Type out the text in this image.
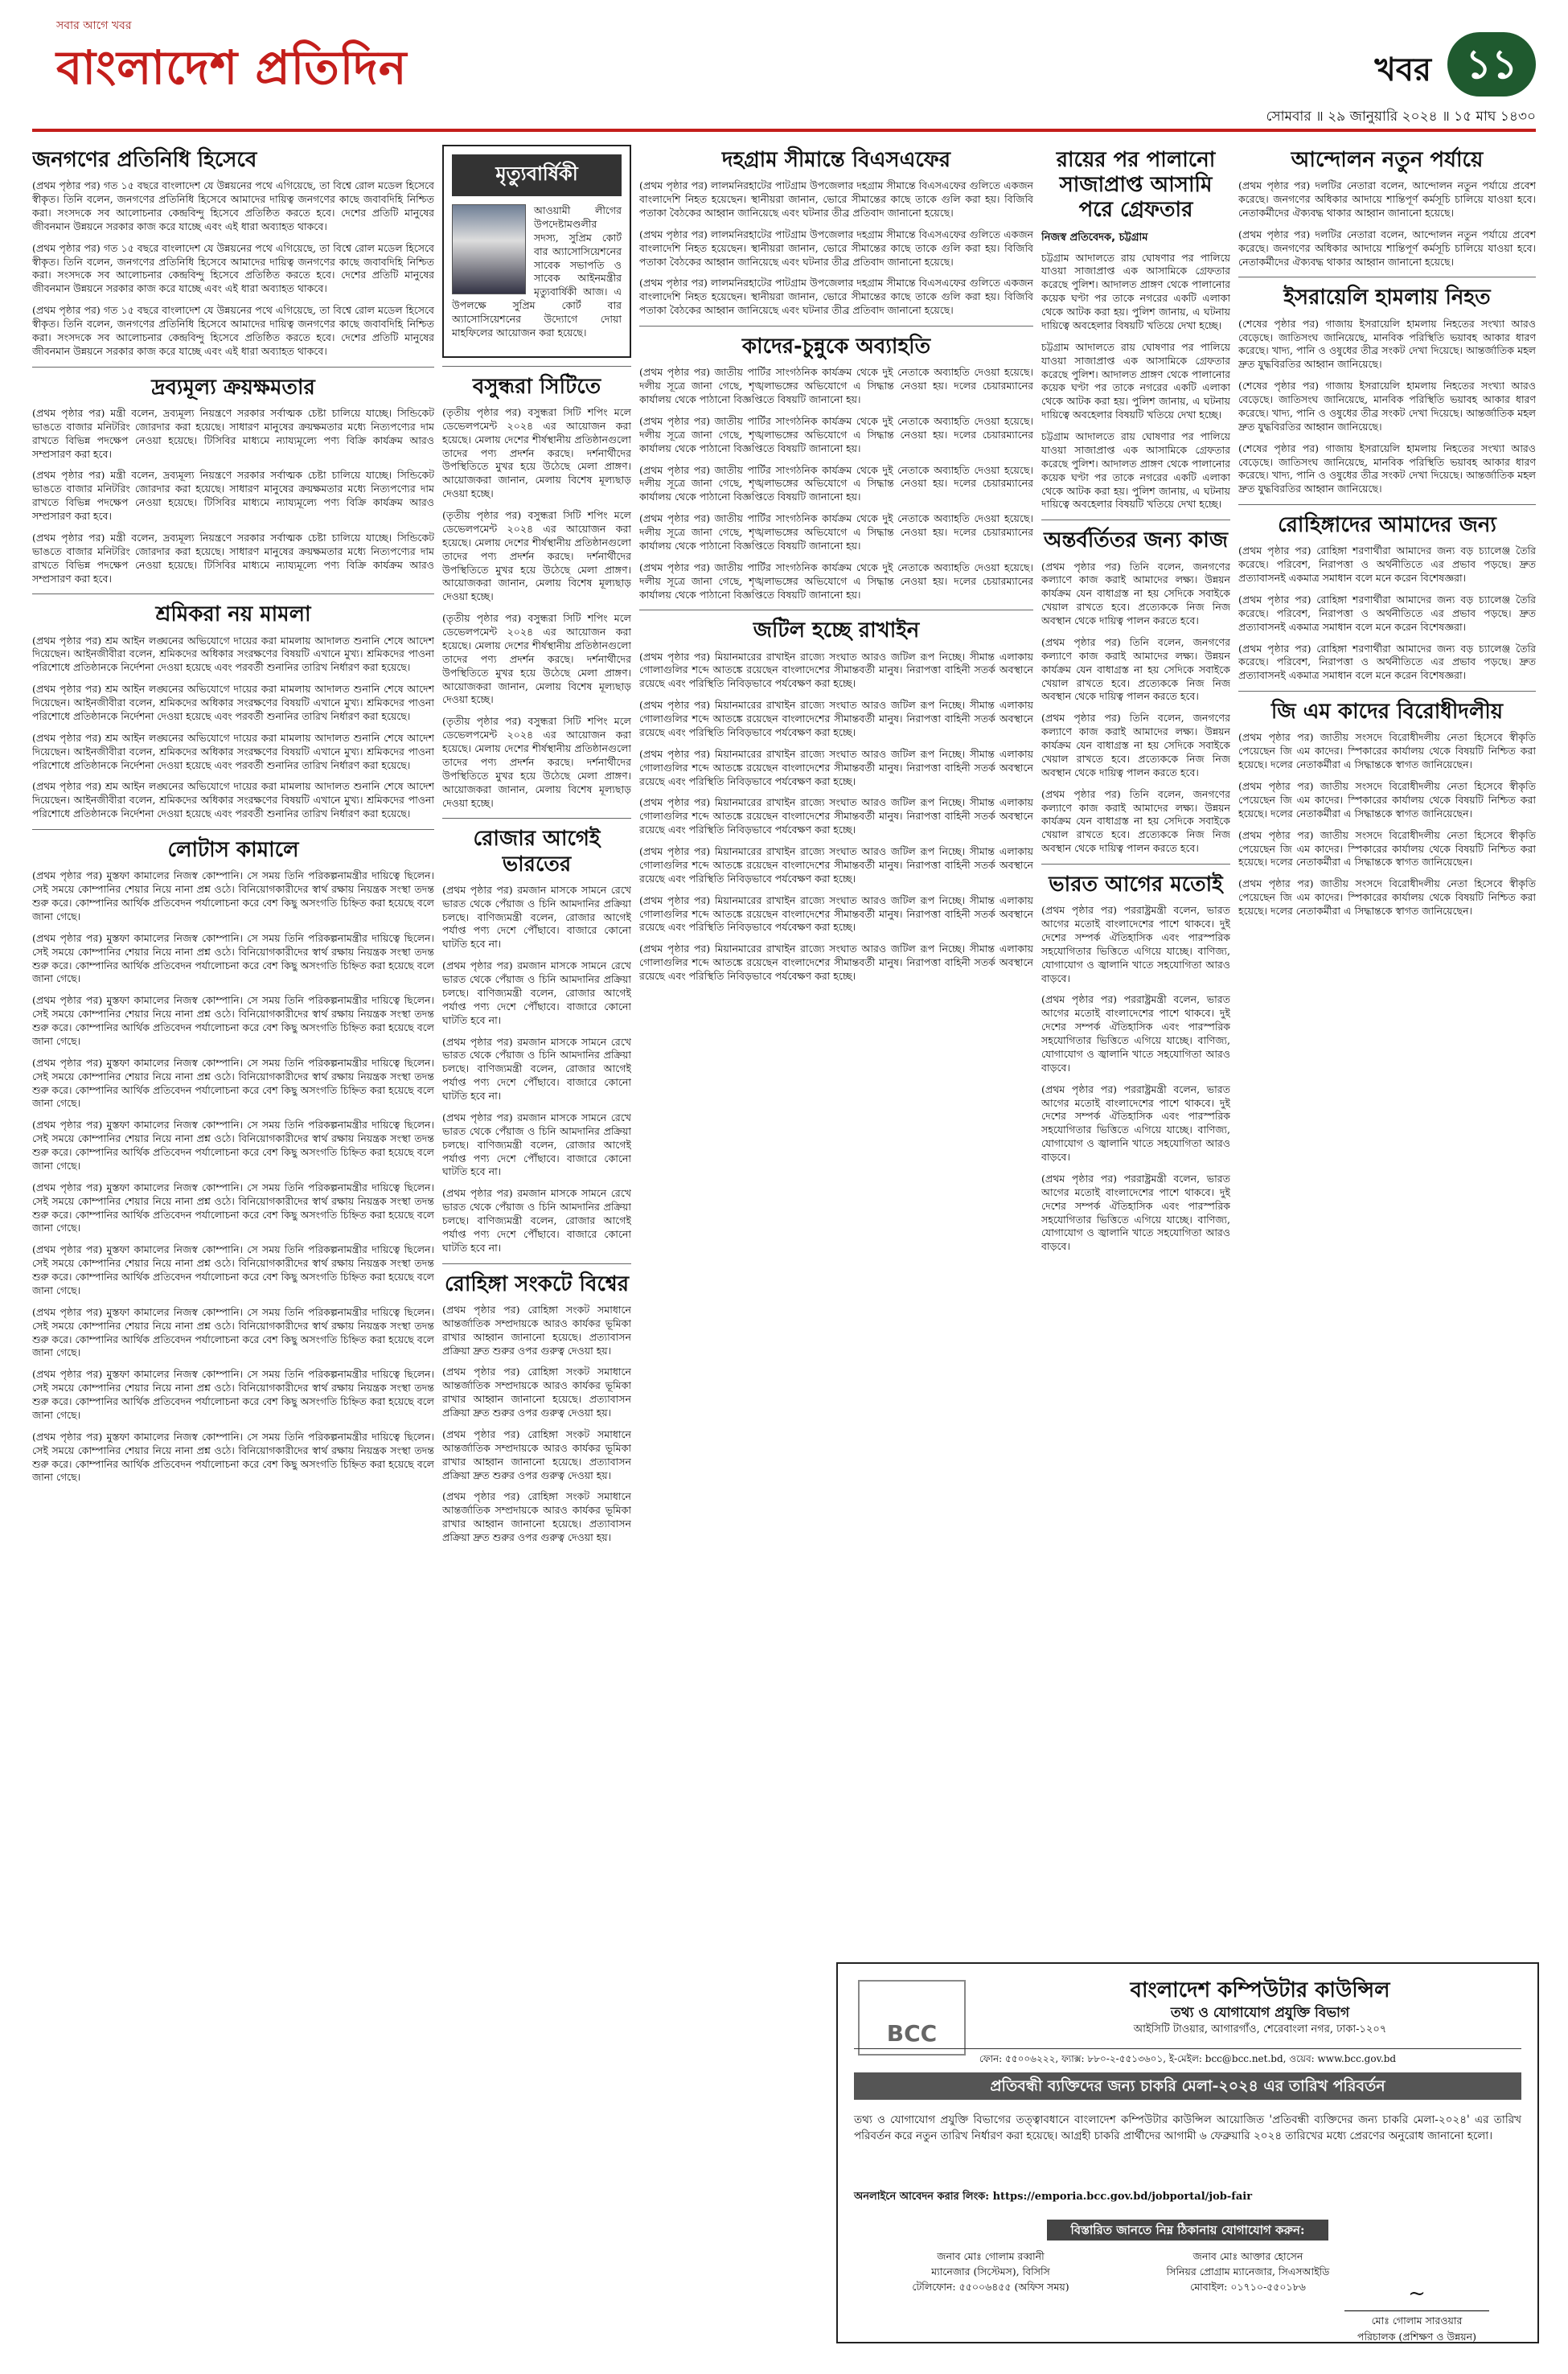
সবার আগে খবর
বাংলাদেশ প্রতিদিন	খবর ১১
সোমবার ॥ ২৯ জানুয়ারি ২০২৪ ॥ ১৫ মাঘ ১৪৩০
জনগণের প্রতিনিধি হিসেবে

(প্রথম পৃষ্ঠার পর) গত ১৫ বছরে বাংলাদেশ যে উন্নয়নের পথে এগিয়েছে, তা বিশ্বে রোল মডেল হিসেবে স্বীকৃত। তিনি বলেন, জনগণের প্রতিনিধি হিসেবে আমাদের দায়িত্ব জনগণের কাছে জবাবদিহি নিশ্চিত করা। সংসদকে সব আলোচনার কেন্দ্রবিন্দু হিসেবে প্রতিষ্ঠিত করতে হবে। দেশের প্রতিটি মানুষের জীবনমান উন্নয়নে সরকার কাজ করে যাচ্ছে এবং এই ধারা অব্যাহত থাকবে।

(প্রথম পৃষ্ঠার পর) গত ১৫ বছরে বাংলাদেশ যে উন্নয়নের পথে এগিয়েছে, তা বিশ্বে রোল মডেল হিসেবে স্বীকৃত। তিনি বলেন, জনগণের প্রতিনিধি হিসেবে আমাদের দায়িত্ব জনগণের কাছে জবাবদিহি নিশ্চিত করা। সংসদকে সব আলোচনার কেন্দ্রবিন্দু হিসেবে প্রতিষ্ঠিত করতে হবে। দেশের প্রতিটি মানুষের জীবনমান উন্নয়নে সরকার কাজ করে যাচ্ছে এবং এই ধারা অব্যাহত থাকবে।

(প্রথম পৃষ্ঠার পর) গত ১৫ বছরে বাংলাদেশ যে উন্নয়নের পথে এগিয়েছে, তা বিশ্বে রোল মডেল হিসেবে স্বীকৃত। তিনি বলেন, জনগণের প্রতিনিধি হিসেবে আমাদের দায়িত্ব জনগণের কাছে জবাবদিহি নিশ্চিত করা। সংসদকে সব আলোচনার কেন্দ্রবিন্দু হিসেবে প্রতিষ্ঠিত করতে হবে। দেশের প্রতিটি মানুষের জীবনমান উন্নয়নে সরকার কাজ করে যাচ্ছে এবং এই ধারা অব্যাহত থাকবে।

দ্রব্যমূল্য ক্রয়ক্ষমতার

(প্রথম পৃষ্ঠার পর) মন্ত্রী বলেন, দ্রব্যমূল্য নিয়ন্ত্রণে সরকার সর্বাত্মক চেষ্টা চালিয়ে যাচ্ছে। সিন্ডিকেট ভাঙতে বাজার মনিটরিং জোরদার করা হয়েছে। সাধারণ মানুষের ক্রয়ক্ষমতার মধ্যে নিত্যপণ্যের দাম রাখতে বিভিন্ন পদক্ষেপ নেওয়া হয়েছে। টিসিবির মাধ্যমে ন্যায্যমূল্যে পণ্য বিক্রি কার্যক্রম আরও সম্প্রসারণ করা হবে।

(প্রথম পৃষ্ঠার পর) মন্ত্রী বলেন, দ্রব্যমূল্য নিয়ন্ত্রণে সরকার সর্বাত্মক চেষ্টা চালিয়ে যাচ্ছে। সিন্ডিকেট ভাঙতে বাজার মনিটরিং জোরদার করা হয়েছে। সাধারণ মানুষের ক্রয়ক্ষমতার মধ্যে নিত্যপণ্যের দাম রাখতে বিভিন্ন পদক্ষেপ নেওয়া হয়েছে। টিসিবির মাধ্যমে ন্যায্যমূল্যে পণ্য বিক্রি কার্যক্রম আরও সম্প্রসারণ করা হবে।

(প্রথম পৃষ্ঠার পর) মন্ত্রী বলেন, দ্রব্যমূল্য নিয়ন্ত্রণে সরকার সর্বাত্মক চেষ্টা চালিয়ে যাচ্ছে। সিন্ডিকেট ভাঙতে বাজার মনিটরিং জোরদার করা হয়েছে। সাধারণ মানুষের ক্রয়ক্ষমতার মধ্যে নিত্যপণ্যের দাম রাখতে বিভিন্ন পদক্ষেপ নেওয়া হয়েছে। টিসিবির মাধ্যমে ন্যায্যমূল্যে পণ্য বিক্রি কার্যক্রম আরও সম্প্রসারণ করা হবে।

শ্রমিকরা নয় মামলা

(প্রথম পৃষ্ঠার পর) শ্রম আইন লঙ্ঘনের অভিযোগে দায়ের করা মামলায় আদালত শুনানি শেষে আদেশ দিয়েছেন। আইনজীবীরা বলেন, শ্রমিকদের অধিকার সংরক্ষণের বিষয়টি এখানে মুখ্য। শ্রমিকদের পাওনা পরিশোধে প্রতিষ্ঠানকে নির্দেশনা দেওয়া হয়েছে এবং পরবর্তী শুনানির তারিখ নির্ধারণ করা হয়েছে।

(প্রথম পৃষ্ঠার পর) শ্রম আইন লঙ্ঘনের অভিযোগে দায়ের করা মামলায় আদালত শুনানি শেষে আদেশ দিয়েছেন। আইনজীবীরা বলেন, শ্রমিকদের অধিকার সংরক্ষণের বিষয়টি এখানে মুখ্য। শ্রমিকদের পাওনা পরিশোধে প্রতিষ্ঠানকে নির্দেশনা দেওয়া হয়েছে এবং পরবর্তী শুনানির তারিখ নির্ধারণ করা হয়েছে।

(প্রথম পৃষ্ঠার পর) শ্রম আইন লঙ্ঘনের অভিযোগে দায়ের করা মামলায় আদালত শুনানি শেষে আদেশ দিয়েছেন। আইনজীবীরা বলেন, শ্রমিকদের অধিকার সংরক্ষণের বিষয়টি এখানে মুখ্য। শ্রমিকদের পাওনা পরিশোধে প্রতিষ্ঠানকে নির্দেশনা দেওয়া হয়েছে এবং পরবর্তী শুনানির তারিখ নির্ধারণ করা হয়েছে।

(প্রথম পৃষ্ঠার পর) শ্রম আইন লঙ্ঘনের অভিযোগে দায়ের করা মামলায় আদালত শুনানি শেষে আদেশ দিয়েছেন। আইনজীবীরা বলেন, শ্রমিকদের অধিকার সংরক্ষণের বিষয়টি এখানে মুখ্য। শ্রমিকদের পাওনা পরিশোধে প্রতিষ্ঠানকে নির্দেশনা দেওয়া হয়েছে এবং পরবর্তী শুনানির তারিখ নির্ধারণ করা হয়েছে।

লোটাস কামালে

(প্রথম পৃষ্ঠার পর) মুস্তফা কামালের নিজস্ব কোম্পানি। সে সময় তিনি পরিকল্পনামন্ত্রীর দায়িত্বে ছিলেন। সেই সময়ে কোম্পানির শেয়ার নিয়ে নানা প্রশ্ন ওঠে। বিনিয়োগকারীদের স্বার্থ রক্ষায় নিয়ন্ত্রক সংস্থা তদন্ত শুরু করে। কোম্পানির আর্থিক প্রতিবেদন পর্যালোচনা করে বেশ কিছু অসংগতি চিহ্নিত করা হয়েছে বলে জানা গেছে।

(প্রথম পৃষ্ঠার পর) মুস্তফা কামালের নিজস্ব কোম্পানি। সে সময় তিনি পরিকল্পনামন্ত্রীর দায়িত্বে ছিলেন। সেই সময়ে কোম্পানির শেয়ার নিয়ে নানা প্রশ্ন ওঠে। বিনিয়োগকারীদের স্বার্থ রক্ষায় নিয়ন্ত্রক সংস্থা তদন্ত শুরু করে। কোম্পানির আর্থিক প্রতিবেদন পর্যালোচনা করে বেশ কিছু অসংগতি চিহ্নিত করা হয়েছে বলে জানা গেছে।

(প্রথম পৃষ্ঠার পর) মুস্তফা কামালের নিজস্ব কোম্পানি। সে সময় তিনি পরিকল্পনামন্ত্রীর দায়িত্বে ছিলেন। সেই সময়ে কোম্পানির শেয়ার নিয়ে নানা প্রশ্ন ওঠে। বিনিয়োগকারীদের স্বার্থ রক্ষায় নিয়ন্ত্রক সংস্থা তদন্ত শুরু করে। কোম্পানির আর্থিক প্রতিবেদন পর্যালোচনা করে বেশ কিছু অসংগতি চিহ্নিত করা হয়েছে বলে জানা গেছে।

(প্রথম পৃষ্ঠার পর) মুস্তফা কামালের নিজস্ব কোম্পানি। সে সময় তিনি পরিকল্পনামন্ত্রীর দায়িত্বে ছিলেন। সেই সময়ে কোম্পানির শেয়ার নিয়ে নানা প্রশ্ন ওঠে। বিনিয়োগকারীদের স্বার্থ রক্ষায় নিয়ন্ত্রক সংস্থা তদন্ত শুরু করে। কোম্পানির আর্থিক প্রতিবেদন পর্যালোচনা করে বেশ কিছু অসংগতি চিহ্নিত করা হয়েছে বলে জানা গেছে।

(প্রথম পৃষ্ঠার পর) মুস্তফা কামালের নিজস্ব কোম্পানি। সে সময় তিনি পরিকল্পনামন্ত্রীর দায়িত্বে ছিলেন। সেই সময়ে কোম্পানির শেয়ার নিয়ে নানা প্রশ্ন ওঠে। বিনিয়োগকারীদের স্বার্থ রক্ষায় নিয়ন্ত্রক সংস্থা তদন্ত শুরু করে। কোম্পানির আর্থিক প্রতিবেদন পর্যালোচনা করে বেশ কিছু অসংগতি চিহ্নিত করা হয়েছে বলে জানা গেছে।

(প্রথম পৃষ্ঠার পর) মুস্তফা কামালের নিজস্ব কোম্পানি। সে সময় তিনি পরিকল্পনামন্ত্রীর দায়িত্বে ছিলেন। সেই সময়ে কোম্পানির শেয়ার নিয়ে নানা প্রশ্ন ওঠে। বিনিয়োগকারীদের স্বার্থ রক্ষায় নিয়ন্ত্রক সংস্থা তদন্ত শুরু করে। কোম্পানির আর্থিক প্রতিবেদন পর্যালোচনা করে বেশ কিছু অসংগতি চিহ্নিত করা হয়েছে বলে জানা গেছে।

(প্রথম পৃষ্ঠার পর) মুস্তফা কামালের নিজস্ব কোম্পানি। সে সময় তিনি পরিকল্পনামন্ত্রীর দায়িত্বে ছিলেন। সেই সময়ে কোম্পানির শেয়ার নিয়ে নানা প্রশ্ন ওঠে। বিনিয়োগকারীদের স্বার্থ রক্ষায় নিয়ন্ত্রক সংস্থা তদন্ত শুরু করে। কোম্পানির আর্থিক প্রতিবেদন পর্যালোচনা করে বেশ কিছু অসংগতি চিহ্নিত করা হয়েছে বলে জানা গেছে।

(প্রথম পৃষ্ঠার পর) মুস্তফা কামালের নিজস্ব কোম্পানি। সে সময় তিনি পরিকল্পনামন্ত্রীর দায়িত্বে ছিলেন। সেই সময়ে কোম্পানির শেয়ার নিয়ে নানা প্রশ্ন ওঠে। বিনিয়োগকারীদের স্বার্থ রক্ষায় নিয়ন্ত্রক সংস্থা তদন্ত শুরু করে। কোম্পানির আর্থিক প্রতিবেদন পর্যালোচনা করে বেশ কিছু অসংগতি চিহ্নিত করা হয়েছে বলে জানা গেছে।

(প্রথম পৃষ্ঠার পর) মুস্তফা কামালের নিজস্ব কোম্পানি। সে সময় তিনি পরিকল্পনামন্ত্রীর দায়িত্বে ছিলেন। সেই সময়ে কোম্পানির শেয়ার নিয়ে নানা প্রশ্ন ওঠে। বিনিয়োগকারীদের স্বার্থ রক্ষায় নিয়ন্ত্রক সংস্থা তদন্ত শুরু করে। কোম্পানির আর্থিক প্রতিবেদন পর্যালোচনা করে বেশ কিছু অসংগতি চিহ্নিত করা হয়েছে বলে জানা গেছে।

(প্রথম পৃষ্ঠার পর) মুস্তফা কামালের নিজস্ব কোম্পানি। সে সময় তিনি পরিকল্পনামন্ত্রীর দায়িত্বে ছিলেন। সেই সময়ে কোম্পানির শেয়ার নিয়ে নানা প্রশ্ন ওঠে। বিনিয়োগকারীদের স্বার্থ রক্ষায় নিয়ন্ত্রক সংস্থা তদন্ত শুরু করে। কোম্পানির আর্থিক প্রতিবেদন পর্যালোচনা করে বেশ কিছু অসংগতি চিহ্নিত করা হয়েছে বলে জানা গেছে।

মৃত্যুবার্ষিকী

আওয়ামী লীগের উপদেষ্টামণ্ডলীর সদস্য, সুপ্রিম কোর্ট বার অ্যাসোসিয়েশনের সাবেক সভাপতি ও সাবেক আইনমন্ত্রীর মৃত্যুবার্ষিকী আজ। এ উপলক্ষে সুপ্রিম কোর্ট বার অ্যাসোসিয়েশনের উদ্যোগে দোয়া মাহফিলের আয়োজন করা হয়েছে।

বসুন্ধরা সিটিতে

(তৃতীয় পৃষ্ঠার পর) বসুন্ধরা সিটি শপিং মলে ডেভেলপমেন্ট ২০২৪ এর আয়োজন করা হয়েছে। মেলায় দেশের শীর্ষস্থানীয় প্রতিষ্ঠানগুলো তাদের পণ্য প্রদর্শন করছে। দর্শনার্থীদের উপস্থিতিতে মুখর হয়ে উঠেছে মেলা প্রাঙ্গণ। আয়োজকরা জানান, মেলায় বিশেষ মূল্যছাড় দেওয়া হচ্ছে।

(তৃতীয় পৃষ্ঠার পর) বসুন্ধরা সিটি শপিং মলে ডেভেলপমেন্ট ২০২৪ এর আয়োজন করা হয়েছে। মেলায় দেশের শীর্ষস্থানীয় প্রতিষ্ঠানগুলো তাদের পণ্য প্রদর্শন করছে। দর্শনার্থীদের উপস্থিতিতে মুখর হয়ে উঠেছে মেলা প্রাঙ্গণ। আয়োজকরা জানান, মেলায় বিশেষ মূল্যছাড় দেওয়া হচ্ছে।

(তৃতীয় পৃষ্ঠার পর) বসুন্ধরা সিটি শপিং মলে ডেভেলপমেন্ট ২০২৪ এর আয়োজন করা হয়েছে। মেলায় দেশের শীর্ষস্থানীয় প্রতিষ্ঠানগুলো তাদের পণ্য প্রদর্শন করছে। দর্শনার্থীদের উপস্থিতিতে মুখর হয়ে উঠেছে মেলা প্রাঙ্গণ। আয়োজকরা জানান, মেলায় বিশেষ মূল্যছাড় দেওয়া হচ্ছে।

(তৃতীয় পৃষ্ঠার পর) বসুন্ধরা সিটি শপিং মলে ডেভেলপমেন্ট ২০২৪ এর আয়োজন করা হয়েছে। মেলায় দেশের শীর্ষস্থানীয় প্রতিষ্ঠানগুলো তাদের পণ্য প্রদর্শন করছে। দর্শনার্থীদের উপস্থিতিতে মুখর হয়ে উঠেছে মেলা প্রাঙ্গণ। আয়োজকরা জানান, মেলায় বিশেষ মূল্যছাড় দেওয়া হচ্ছে।

রোজার আগেই ভারতের

(প্রথম পৃষ্ঠার পর) রমজান মাসকে সামনে রেখে ভারত থেকে পেঁয়াজ ও চিনি আমদানির প্রক্রিয়া চলছে। বাণিজ্যমন্ত্রী বলেন, রোজার আগেই পর্যাপ্ত পণ্য দেশে পৌঁছাবে। বাজারে কোনো ঘাটতি হবে না।

(প্রথম পৃষ্ঠার পর) রমজান মাসকে সামনে রেখে ভারত থেকে পেঁয়াজ ও চিনি আমদানির প্রক্রিয়া চলছে। বাণিজ্যমন্ত্রী বলেন, রোজার আগেই পর্যাপ্ত পণ্য দেশে পৌঁছাবে। বাজারে কোনো ঘাটতি হবে না।

(প্রথম পৃষ্ঠার পর) রমজান মাসকে সামনে রেখে ভারত থেকে পেঁয়াজ ও চিনি আমদানির প্রক্রিয়া চলছে। বাণিজ্যমন্ত্রী বলেন, রোজার আগেই পর্যাপ্ত পণ্য দেশে পৌঁছাবে। বাজারে কোনো ঘাটতি হবে না।

(প্রথম পৃষ্ঠার পর) রমজান মাসকে সামনে রেখে ভারত থেকে পেঁয়াজ ও চিনি আমদানির প্রক্রিয়া চলছে। বাণিজ্যমন্ত্রী বলেন, রোজার আগেই পর্যাপ্ত পণ্য দেশে পৌঁছাবে। বাজারে কোনো ঘাটতি হবে না।

(প্রথম পৃষ্ঠার পর) রমজান মাসকে সামনে রেখে ভারত থেকে পেঁয়াজ ও চিনি আমদানির প্রক্রিয়া চলছে। বাণিজ্যমন্ত্রী বলেন, রোজার আগেই পর্যাপ্ত পণ্য দেশে পৌঁছাবে। বাজারে কোনো ঘাটতি হবে না।

রোহিঙ্গা সংকটে বিশ্বের

(প্রথম পৃষ্ঠার পর) রোহিঙ্গা সংকট সমাধানে আন্তর্জাতিক সম্প্রদায়কে আরও কার্যকর ভূমিকা রাখার আহ্বান জানানো হয়েছে। প্রত্যাবাসন প্রক্রিয়া দ্রুত শুরুর ওপর গুরুত্ব দেওয়া হয়।

(প্রথম পৃষ্ঠার পর) রোহিঙ্গা সংকট সমাধানে আন্তর্জাতিক সম্প্রদায়কে আরও কার্যকর ভূমিকা রাখার আহ্বান জানানো হয়েছে। প্রত্যাবাসন প্রক্রিয়া দ্রুত শুরুর ওপর গুরুত্ব দেওয়া হয়।

(প্রথম পৃষ্ঠার পর) রোহিঙ্গা সংকট সমাধানে আন্তর্জাতিক সম্প্রদায়কে আরও কার্যকর ভূমিকা রাখার আহ্বান জানানো হয়েছে। প্রত্যাবাসন প্রক্রিয়া দ্রুত শুরুর ওপর গুরুত্ব দেওয়া হয়।

(প্রথম পৃষ্ঠার পর) রোহিঙ্গা সংকট সমাধানে আন্তর্জাতিক সম্প্রদায়কে আরও কার্যকর ভূমিকা রাখার আহ্বান জানানো হয়েছে। প্রত্যাবাসন প্রক্রিয়া দ্রুত শুরুর ওপর গুরুত্ব দেওয়া হয়।

দহগ্রাম সীমান্তে বিএসএফের

(প্রথম পৃষ্ঠার পর) লালমনিরহাটের পাটগ্রাম উপজেলার দহগ্রাম সীমান্তে বিএসএফের গুলিতে একজন বাংলাদেশি নিহত হয়েছেন। স্থানীয়রা জানান, ভোরে সীমান্তের কাছে তাকে গুলি করা হয়। বিজিবি পতাকা বৈঠকের আহ্বান জানিয়েছে এবং ঘটনার তীব্র প্রতিবাদ জানানো হয়েছে।

(প্রথম পৃষ্ঠার পর) লালমনিরহাটের পাটগ্রাম উপজেলার দহগ্রাম সীমান্তে বিএসএফের গুলিতে একজন বাংলাদেশি নিহত হয়েছেন। স্থানীয়রা জানান, ভোরে সীমান্তের কাছে তাকে গুলি করা হয়। বিজিবি পতাকা বৈঠকের আহ্বান জানিয়েছে এবং ঘটনার তীব্র প্রতিবাদ জানানো হয়েছে।

(প্রথম পৃষ্ঠার পর) লালমনিরহাটের পাটগ্রাম উপজেলার দহগ্রাম সীমান্তে বিএসএফের গুলিতে একজন বাংলাদেশি নিহত হয়েছেন। স্থানীয়রা জানান, ভোরে সীমান্তের কাছে তাকে গুলি করা হয়। বিজিবি পতাকা বৈঠকের আহ্বান জানিয়েছে এবং ঘটনার তীব্র প্রতিবাদ জানানো হয়েছে।

কাদের-চুন্নুকে অব্যাহতি

(প্রথম পৃষ্ঠার পর) জাতীয় পার্টির সাংগঠনিক কার্যক্রম থেকে দুই নেতাকে অব্যাহতি দেওয়া হয়েছে। দলীয় সূত্রে জানা গেছে, শৃঙ্খলাভঙ্গের অভিযোগে এ সিদ্ধান্ত নেওয়া হয়। দলের চেয়ারম্যানের কার্যালয় থেকে পাঠানো বিজ্ঞপ্তিতে বিষয়টি জানানো হয়।

(প্রথম পৃষ্ঠার পর) জাতীয় পার্টির সাংগঠনিক কার্যক্রম থেকে দুই নেতাকে অব্যাহতি দেওয়া হয়েছে। দলীয় সূত্রে জানা গেছে, শৃঙ্খলাভঙ্গের অভিযোগে এ সিদ্ধান্ত নেওয়া হয়। দলের চেয়ারম্যানের কার্যালয় থেকে পাঠানো বিজ্ঞপ্তিতে বিষয়টি জানানো হয়।

(প্রথম পৃষ্ঠার পর) জাতীয় পার্টির সাংগঠনিক কার্যক্রম থেকে দুই নেতাকে অব্যাহতি দেওয়া হয়েছে। দলীয় সূত্রে জানা গেছে, শৃঙ্খলাভঙ্গের অভিযোগে এ সিদ্ধান্ত নেওয়া হয়। দলের চেয়ারম্যানের কার্যালয় থেকে পাঠানো বিজ্ঞপ্তিতে বিষয়টি জানানো হয়।

(প্রথম পৃষ্ঠার পর) জাতীয় পার্টির সাংগঠনিক কার্যক্রম থেকে দুই নেতাকে অব্যাহতি দেওয়া হয়েছে। দলীয় সূত্রে জানা গেছে, শৃঙ্খলাভঙ্গের অভিযোগে এ সিদ্ধান্ত নেওয়া হয়। দলের চেয়ারম্যানের কার্যালয় থেকে পাঠানো বিজ্ঞপ্তিতে বিষয়টি জানানো হয়।

(প্রথম পৃষ্ঠার পর) জাতীয় পার্টির সাংগঠনিক কার্যক্রম থেকে দুই নেতাকে অব্যাহতি দেওয়া হয়েছে। দলীয় সূত্রে জানা গেছে, শৃঙ্খলাভঙ্গের অভিযোগে এ সিদ্ধান্ত নেওয়া হয়। দলের চেয়ারম্যানের কার্যালয় থেকে পাঠানো বিজ্ঞপ্তিতে বিষয়টি জানানো হয়।

জটিল হচ্ছে রাখাইন

(প্রথম পৃষ্ঠার পর) মিয়ানমারের রাখাইন রাজ্যে সংঘাত আরও জটিল রূপ নিচ্ছে। সীমান্ত এলাকায় গোলাগুলির শব্দে আতঙ্কে রয়েছেন বাংলাদেশের সীমান্তবর্তী মানুষ। নিরাপত্তা বাহিনী সতর্ক অবস্থানে রয়েছে এবং পরিস্থিতি নিবিড়ভাবে পর্যবেক্ষণ করা হচ্ছে।

(প্রথম পৃষ্ঠার পর) মিয়ানমারের রাখাইন রাজ্যে সংঘাত আরও জটিল রূপ নিচ্ছে। সীমান্ত এলাকায় গোলাগুলির শব্দে আতঙ্কে রয়েছেন বাংলাদেশের সীমান্তবর্তী মানুষ। নিরাপত্তা বাহিনী সতর্ক অবস্থানে রয়েছে এবং পরিস্থিতি নিবিড়ভাবে পর্যবেক্ষণ করা হচ্ছে।

(প্রথম পৃষ্ঠার পর) মিয়ানমারের রাখাইন রাজ্যে সংঘাত আরও জটিল রূপ নিচ্ছে। সীমান্ত এলাকায় গোলাগুলির শব্দে আতঙ্কে রয়েছেন বাংলাদেশের সীমান্তবর্তী মানুষ। নিরাপত্তা বাহিনী সতর্ক অবস্থানে রয়েছে এবং পরিস্থিতি নিবিড়ভাবে পর্যবেক্ষণ করা হচ্ছে।

(প্রথম পৃষ্ঠার পর) মিয়ানমারের রাখাইন রাজ্যে সংঘাত আরও জটিল রূপ নিচ্ছে। সীমান্ত এলাকায় গোলাগুলির শব্দে আতঙ্কে রয়েছেন বাংলাদেশের সীমান্তবর্তী মানুষ। নিরাপত্তা বাহিনী সতর্ক অবস্থানে রয়েছে এবং পরিস্থিতি নিবিড়ভাবে পর্যবেক্ষণ করা হচ্ছে।

(প্রথম পৃষ্ঠার পর) মিয়ানমারের রাখাইন রাজ্যে সংঘাত আরও জটিল রূপ নিচ্ছে। সীমান্ত এলাকায় গোলাগুলির শব্দে আতঙ্কে রয়েছেন বাংলাদেশের সীমান্তবর্তী মানুষ। নিরাপত্তা বাহিনী সতর্ক অবস্থানে রয়েছে এবং পরিস্থিতি নিবিড়ভাবে পর্যবেক্ষণ করা হচ্ছে।

(প্রথম পৃষ্ঠার পর) মিয়ানমারের রাখাইন রাজ্যে সংঘাত আরও জটিল রূপ নিচ্ছে। সীমান্ত এলাকায় গোলাগুলির শব্দে আতঙ্কে রয়েছেন বাংলাদেশের সীমান্তবর্তী মানুষ। নিরাপত্তা বাহিনী সতর্ক অবস্থানে রয়েছে এবং পরিস্থিতি নিবিড়ভাবে পর্যবেক্ষণ করা হচ্ছে।

(প্রথম পৃষ্ঠার পর) মিয়ানমারের রাখাইন রাজ্যে সংঘাত আরও জটিল রূপ নিচ্ছে। সীমান্ত এলাকায় গোলাগুলির শব্দে আতঙ্কে রয়েছেন বাংলাদেশের সীমান্তবর্তী মানুষ। নিরাপত্তা বাহিনী সতর্ক অবস্থানে রয়েছে এবং পরিস্থিতি নিবিড়ভাবে পর্যবেক্ষণ করা হচ্ছে।

রায়ের পর পালানো সাজাপ্রাপ্ত আসামি পরে গ্রেফতার
নিজস্ব প্রতিবেদক, চট্টগ্রাম

চট্টগ্রাম আদালতে রায় ঘোষণার পর পালিয়ে যাওয়া সাজাপ্রাপ্ত এক আসামিকে গ্রেফতার করেছে পুলিশ। আদালত প্রাঙ্গণ থেকে পালানোর কয়েক ঘণ্টা পর তাকে নগরের একটি এলাকা থেকে আটক করা হয়। পুলিশ জানায়, এ ঘটনায় দায়িত্বে অবহেলার বিষয়টি খতিয়ে দেখা হচ্ছে।

চট্টগ্রাম আদালতে রায় ঘোষণার পর পালিয়ে যাওয়া সাজাপ্রাপ্ত এক আসামিকে গ্রেফতার করেছে পুলিশ। আদালত প্রাঙ্গণ থেকে পালানোর কয়েক ঘণ্টা পর তাকে নগরের একটি এলাকা থেকে আটক করা হয়। পুলিশ জানায়, এ ঘটনায় দায়িত্বে অবহেলার বিষয়টি খতিয়ে দেখা হচ্ছে।

চট্টগ্রাম আদালতে রায় ঘোষণার পর পালিয়ে যাওয়া সাজাপ্রাপ্ত এক আসামিকে গ্রেফতার করেছে পুলিশ। আদালত প্রাঙ্গণ থেকে পালানোর কয়েক ঘণ্টা পর তাকে নগরের একটি এলাকা থেকে আটক করা হয়। পুলিশ জানায়, এ ঘটনায় দায়িত্বে অবহেলার বিষয়টি খতিয়ে দেখা হচ্ছে।

অন্তর্বর্তিতর জন্য কাজ

(প্রথম পৃষ্ঠার পর) তিনি বলেন, জনগণের কল্যাণে কাজ করাই আমাদের লক্ষ্য। উন্নয়ন কার্যক্রম যেন বাধাগ্রস্ত না হয় সেদিকে সবাইকে খেয়াল রাখতে হবে। প্রত্যেককে নিজ নিজ অবস্থান থেকে দায়িত্ব পালন করতে হবে।

(প্রথম পৃষ্ঠার পর) তিনি বলেন, জনগণের কল্যাণে কাজ করাই আমাদের লক্ষ্য। উন্নয়ন কার্যক্রম যেন বাধাগ্রস্ত না হয় সেদিকে সবাইকে খেয়াল রাখতে হবে। প্রত্যেককে নিজ নিজ অবস্থান থেকে দায়িত্ব পালন করতে হবে।

(প্রথম পৃষ্ঠার পর) তিনি বলেন, জনগণের কল্যাণে কাজ করাই আমাদের লক্ষ্য। উন্নয়ন কার্যক্রম যেন বাধাগ্রস্ত না হয় সেদিকে সবাইকে খেয়াল রাখতে হবে। প্রত্যেককে নিজ নিজ অবস্থান থেকে দায়িত্ব পালন করতে হবে।

(প্রথম পৃষ্ঠার পর) তিনি বলেন, জনগণের কল্যাণে কাজ করাই আমাদের লক্ষ্য। উন্নয়ন কার্যক্রম যেন বাধাগ্রস্ত না হয় সেদিকে সবাইকে খেয়াল রাখতে হবে। প্রত্যেককে নিজ নিজ অবস্থান থেকে দায়িত্ব পালন করতে হবে।

ভারত আগের মতোই

(প্রথম পৃষ্ঠার পর) পররাষ্ট্রমন্ত্রী বলেন, ভারত আগের মতোই বাংলাদেশের পাশে থাকবে। দুই দেশের সম্পর্ক ঐতিহাসিক এবং পারস্পরিক সহযোগিতার ভিত্তিতে এগিয়ে যাচ্ছে। বাণিজ্য, যোগাযোগ ও জ্বালানি খাতে সহযোগিতা আরও বাড়বে।

(প্রথম পৃষ্ঠার পর) পররাষ্ট্রমন্ত্রী বলেন, ভারত আগের মতোই বাংলাদেশের পাশে থাকবে। দুই দেশের সম্পর্ক ঐতিহাসিক এবং পারস্পরিক সহযোগিতার ভিত্তিতে এগিয়ে যাচ্ছে। বাণিজ্য, যোগাযোগ ও জ্বালানি খাতে সহযোগিতা আরও বাড়বে।

(প্রথম পৃষ্ঠার পর) পররাষ্ট্রমন্ত্রী বলেন, ভারত আগের মতোই বাংলাদেশের পাশে থাকবে। দুই দেশের সম্পর্ক ঐতিহাসিক এবং পারস্পরিক সহযোগিতার ভিত্তিতে এগিয়ে যাচ্ছে। বাণিজ্য, যোগাযোগ ও জ্বালানি খাতে সহযোগিতা আরও বাড়বে।

(প্রথম পৃষ্ঠার পর) পররাষ্ট্রমন্ত্রী বলেন, ভারত আগের মতোই বাংলাদেশের পাশে থাকবে। দুই দেশের সম্পর্ক ঐতিহাসিক এবং পারস্পরিক সহযোগিতার ভিত্তিতে এগিয়ে যাচ্ছে। বাণিজ্য, যোগাযোগ ও জ্বালানি খাতে সহযোগিতা আরও বাড়বে।

আন্দোলন নতুন পর্যায়ে

(প্রথম পৃষ্ঠার পর) দলটির নেতারা বলেন, আন্দোলন নতুন পর্যায়ে প্রবেশ করেছে। জনগণের অধিকার আদায়ে শান্তিপূর্ণ কর্মসূচি চালিয়ে যাওয়া হবে। নেতাকর্মীদের ঐক্যবদ্ধ থাকার আহ্বান জানানো হয়েছে।

(প্রথম পৃষ্ঠার পর) দলটির নেতারা বলেন, আন্দোলন নতুন পর্যায়ে প্রবেশ করেছে। জনগণের অধিকার আদায়ে শান্তিপূর্ণ কর্মসূচি চালিয়ে যাওয়া হবে। নেতাকর্মীদের ঐক্যবদ্ধ থাকার আহ্বান জানানো হয়েছে।

ইসরায়েলি হামলায় নিহত

(শেষের পৃষ্ঠার পর) গাজায় ইসরায়েলি হামলায় নিহতের সংখ্যা আরও বেড়েছে। জাতিসংঘ জানিয়েছে, মানবিক পরিস্থিতি ভয়াবহ আকার ধারণ করেছে। খাদ্য, পানি ও ওষুধের তীব্র সংকট দেখা দিয়েছে। আন্তর্জাতিক মহল দ্রুত যুদ্ধবিরতির আহ্বান জানিয়েছে।

(শেষের পৃষ্ঠার পর) গাজায় ইসরায়েলি হামলায় নিহতের সংখ্যা আরও বেড়েছে। জাতিসংঘ জানিয়েছে, মানবিক পরিস্থিতি ভয়াবহ আকার ধারণ করেছে। খাদ্য, পানি ও ওষুধের তীব্র সংকট দেখা দিয়েছে। আন্তর্জাতিক মহল দ্রুত যুদ্ধবিরতির আহ্বান জানিয়েছে।

(শেষের পৃষ্ঠার পর) গাজায় ইসরায়েলি হামলায় নিহতের সংখ্যা আরও বেড়েছে। জাতিসংঘ জানিয়েছে, মানবিক পরিস্থিতি ভয়াবহ আকার ধারণ করেছে। খাদ্য, পানি ও ওষুধের তীব্র সংকট দেখা দিয়েছে। আন্তর্জাতিক মহল দ্রুত যুদ্ধবিরতির আহ্বান জানিয়েছে।

রোহিঙ্গাদের আমাদের জন্য

(প্রথম পৃষ্ঠার পর) রোহিঙ্গা শরণার্থীরা আমাদের জন্য বড় চ্যালেঞ্জ তৈরি করেছে। পরিবেশ, নিরাপত্তা ও অর্থনীতিতে এর প্রভাব পড়ছে। দ্রুত প্রত্যাবাসনই একমাত্র সমাধান বলে মনে করেন বিশেষজ্ঞরা।

(প্রথম পৃষ্ঠার পর) রোহিঙ্গা শরণার্থীরা আমাদের জন্য বড় চ্যালেঞ্জ তৈরি করেছে। পরিবেশ, নিরাপত্তা ও অর্থনীতিতে এর প্রভাব পড়ছে। দ্রুত প্রত্যাবাসনই একমাত্র সমাধান বলে মনে করেন বিশেষজ্ঞরা।

(প্রথম পৃষ্ঠার পর) রোহিঙ্গা শরণার্থীরা আমাদের জন্য বড় চ্যালেঞ্জ তৈরি করেছে। পরিবেশ, নিরাপত্তা ও অর্থনীতিতে এর প্রভাব পড়ছে। দ্রুত প্রত্যাবাসনই একমাত্র সমাধান বলে মনে করেন বিশেষজ্ঞরা।

জি এম কাদের বিরোধীদলীয়

(প্রথম পৃষ্ঠার পর) জাতীয় সংসদে বিরোধীদলীয় নেতা হিসেবে স্বীকৃতি পেয়েছেন জি এম কাদের। স্পিকারের কার্যালয় থেকে বিষয়টি নিশ্চিত করা হয়েছে। দলের নেতাকর্মীরা এ সিদ্ধান্তকে স্বাগত জানিয়েছেন।

(প্রথম পৃষ্ঠার পর) জাতীয় সংসদে বিরোধীদলীয় নেতা হিসেবে স্বীকৃতি পেয়েছেন জি এম কাদের। স্পিকারের কার্যালয় থেকে বিষয়টি নিশ্চিত করা হয়েছে। দলের নেতাকর্মীরা এ সিদ্ধান্তকে স্বাগত জানিয়েছেন।

(প্রথম পৃষ্ঠার পর) জাতীয় সংসদে বিরোধীদলীয় নেতা হিসেবে স্বীকৃতি পেয়েছেন জি এম কাদের। স্পিকারের কার্যালয় থেকে বিষয়টি নিশ্চিত করা হয়েছে। দলের নেতাকর্মীরা এ সিদ্ধান্তকে স্বাগত জানিয়েছেন।

(প্রথম পৃষ্ঠার পর) জাতীয় সংসদে বিরোধীদলীয় নেতা হিসেবে স্বীকৃতি পেয়েছেন জি এম কাদের। স্পিকারের কার্যালয় থেকে বিষয়টি নিশ্চিত করা হয়েছে। দলের নেতাকর্মীরা এ সিদ্ধান্তকে স্বাগত জানিয়েছেন।

BCC
বাংলাদেশ কম্পিউটার কাউন্সিল
তথ্য ও যোগাযোগ প্রযুক্তি বিভাগ
আইসিটি টাওয়ার, আগারগাঁও, শেরেবাংলা নগর, ঢাকা-১২০৭
ফোন: ৫৫০০৬২২২, ফ্যাক্স: ৮৮০-২-৫৫১৩৬০১, ই-মেইল: bcc@bcc.net.bd, ওয়েব: www.bcc.gov.bd
প্রতিবন্ধী ব্যক্তিদের জন্য চাকরি মেলা-২০২৪ এর তারিখ পরিবর্তন
তথ্য ও যোগাযোগ প্রযুক্তি বিভাগের তত্ত্বাবধানে বাংলাদেশ কম্পিউটার কাউন্সিল আয়োজিত 'প্রতিবন্ধী ব্যক্তিদের জন্য চাকরি মেলা-২০২৪' এর তারিখ পরিবর্তন করে নতুন তারিখ নির্ধারণ করা হয়েছে। আগ্রহী চাকরি প্রার্থীদের আগামী ৬ ফেব্রুয়ারি ২০২৪ তারিখের মধ্যে প্রেরণের অনুরোধ জানানো হলো।
অনলাইনে আবেদন করার লিংক: https://emporia.bcc.gov.bd/jobportal/job-fair
বিস্তারিত জানতে নিম্ন ঠিকানায় যোগাযোগ করুন:
জনাব মোঃ গোলাম রব্বানী
ম্যানেজার (সিস্টেমস), বিসিসি
টেলিফোন: ৫৫০০৬৪৫৫ (অফিস সময়)
জনাব মোঃ আক্তার হোসেন
সিনিয়র প্রোগ্রাম ম্যানেজার, সিএসআইডি
মোবাইল: ০১৭১০-৫৫০১৮৬	~
মোঃ গোলাম সারওয়ার
পরিচালক (প্রশিক্ষণ ও উন্নয়ন)
